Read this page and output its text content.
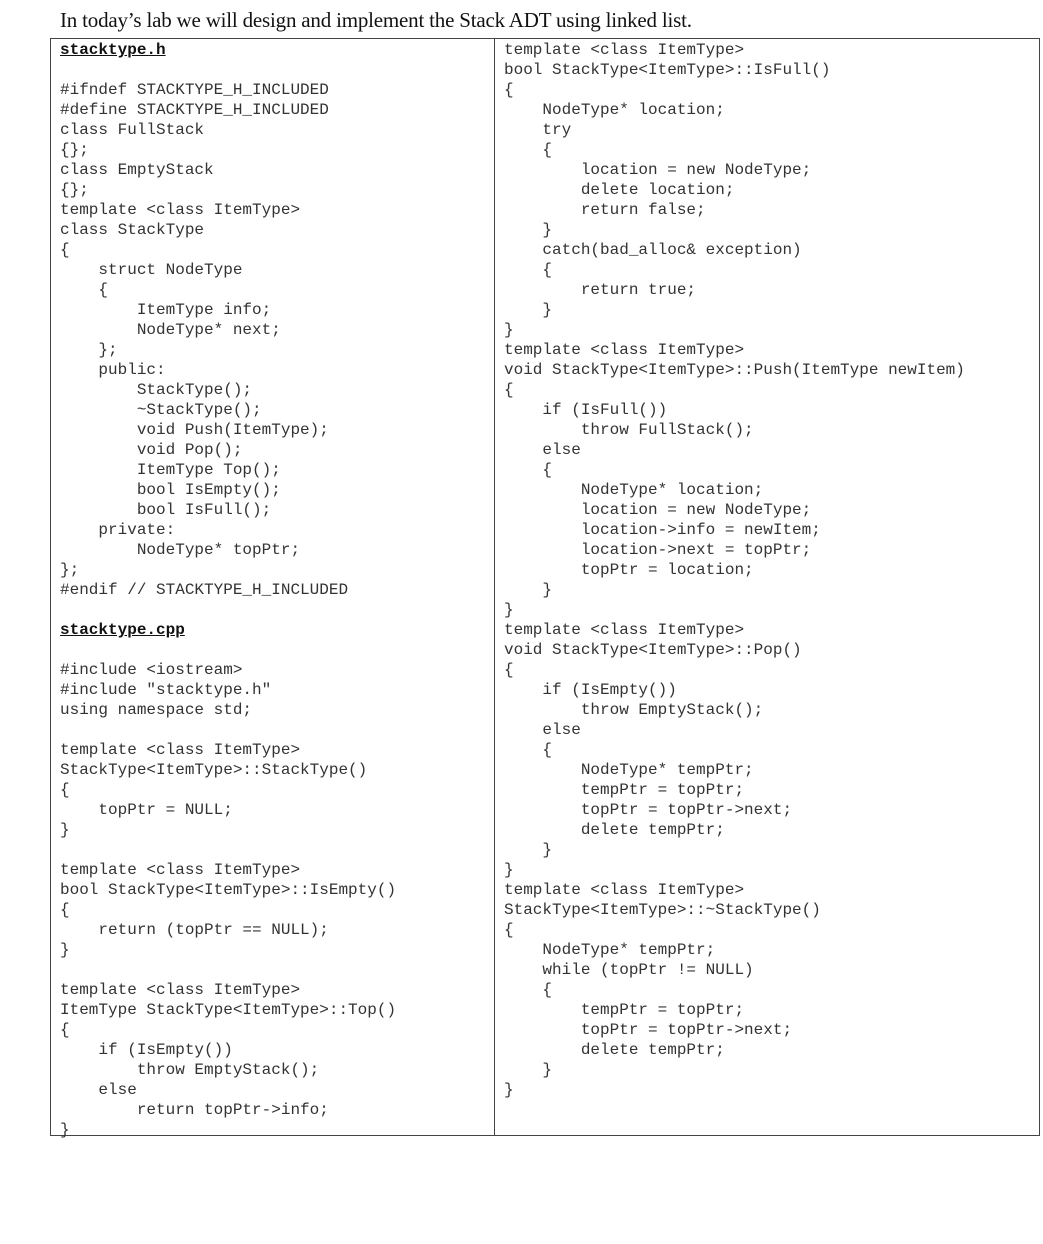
In today’s lab we will design and implement the Stack ADT using linked list.
stacktype.h
#ifndef STACKTYPE_H_INCLUDED
#define STACKTYPE_H_INCLUDED
class FullStack
{};
class EmptyStack
{};
template <class ItemType>
class StackType
{
struct NodeType
{
ItemType info;
NodeType* next;
};
public:
StackType();
~StackType();
void Push(ItemType);
void Pop();
ItemType Top();
bool IsEmpty();
bool IsFull();
private:
NodeType* topPtr;
};
#endif // STACKTYPE_H_INCLUDED
stacktype.cpp
#include <iostream>
#include "stacktype.h"
using namespace std;
template <class ItemType>
StackType<ItemType>::StackType()
{
topPtr = NULL;
}
template <class ItemType>
bool StackType<ItemType>::IsEmpty()
{
return (topPtr == NULL);
}
template <class ItemType>
ItemType StackType<ItemType>::Top()
{
if (IsEmpty())
throw EmptyStack();
else
return topPtr->info;
}
template <class ItemType>
bool StackType<ItemType>::IsFull()
{
NodeType* location;
try
{
location = new NodeType;
delete location;
return false;
}
catch(bad_alloc& exception)
{
return true;
}
}
template <class ItemType>
void StackType<ItemType>::Push(ItemType newItem)
{
if (IsFull())
throw FullStack();
else
{
NodeType* location;
location = new NodeType;
location->info = newItem;
location->next = topPtr;
topPtr = location;
}
}
template <class ItemType>
void StackType<ItemType>::Pop()
{
if (IsEmpty())
throw EmptyStack();
else
{
NodeType* tempPtr;
tempPtr = topPtr;
topPtr = topPtr->next;
delete tempPtr;
}
}
template <class ItemType>
StackType<ItemType>::~StackType()
{
NodeType* tempPtr;
while (topPtr != NULL)
{
tempPtr = topPtr;
topPtr = topPtr->next;
delete tempPtr;
}
}
